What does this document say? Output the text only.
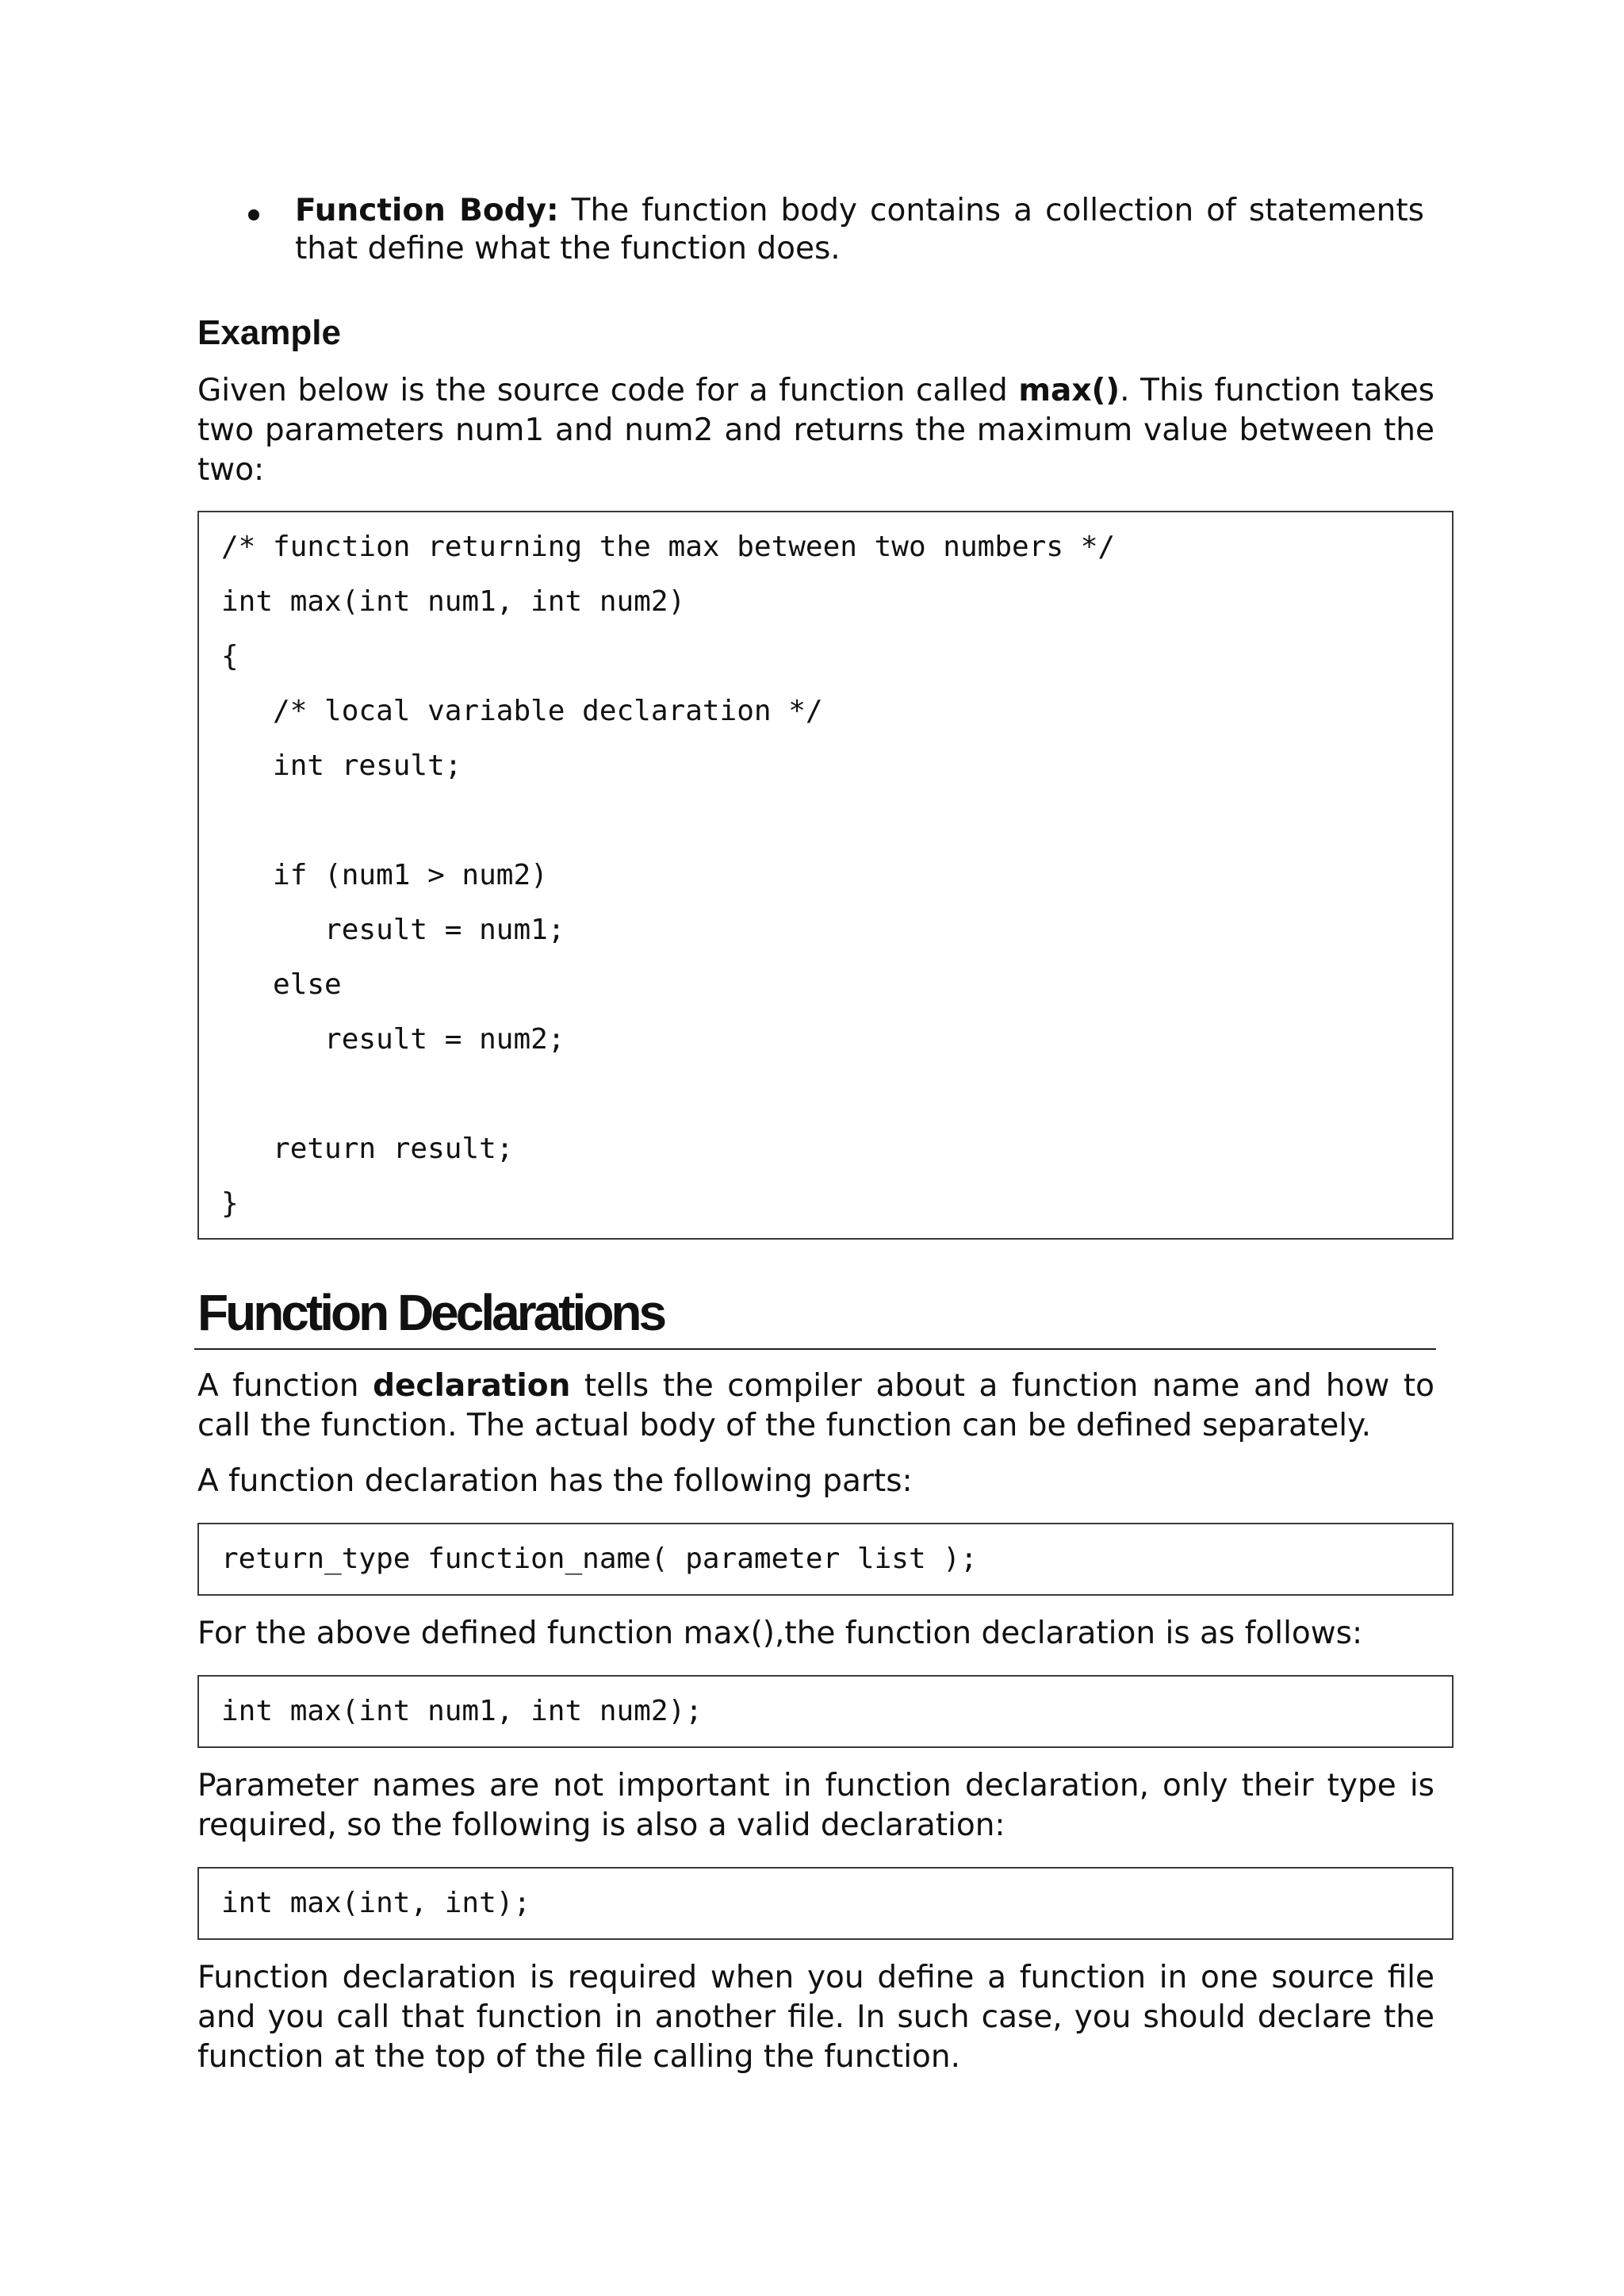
Function Body: The function body contains a collection of statements that define what the function does.
Example
Given below is the source code for a function called max(). This function takes two parameters num1 and num2 and returns the maximum value between the two:
/* function returning the max between two numbers */
int max(int num1, int num2)
{
/* local variable declaration */
int result;
if (num1 > num2)
result = num1;
else
result = num2;
return result;
}
Function Declarations
A function declaration tells the compiler about a function name and how to call the function. The actual body of the function can be defined separately.
A function declaration has the following parts:
return_type function_name( parameter list );
For the above defined function max(),the function declaration is as follows:
int max(int num1, int num2);
Parameter names are not important in function declaration, only their type is required, so the following is also a valid declaration:
int max(int, int);
Function declaration is required when you define a function in one source file and you call that function in another file. In such case, you should declare the function at the top of the file calling the function.
